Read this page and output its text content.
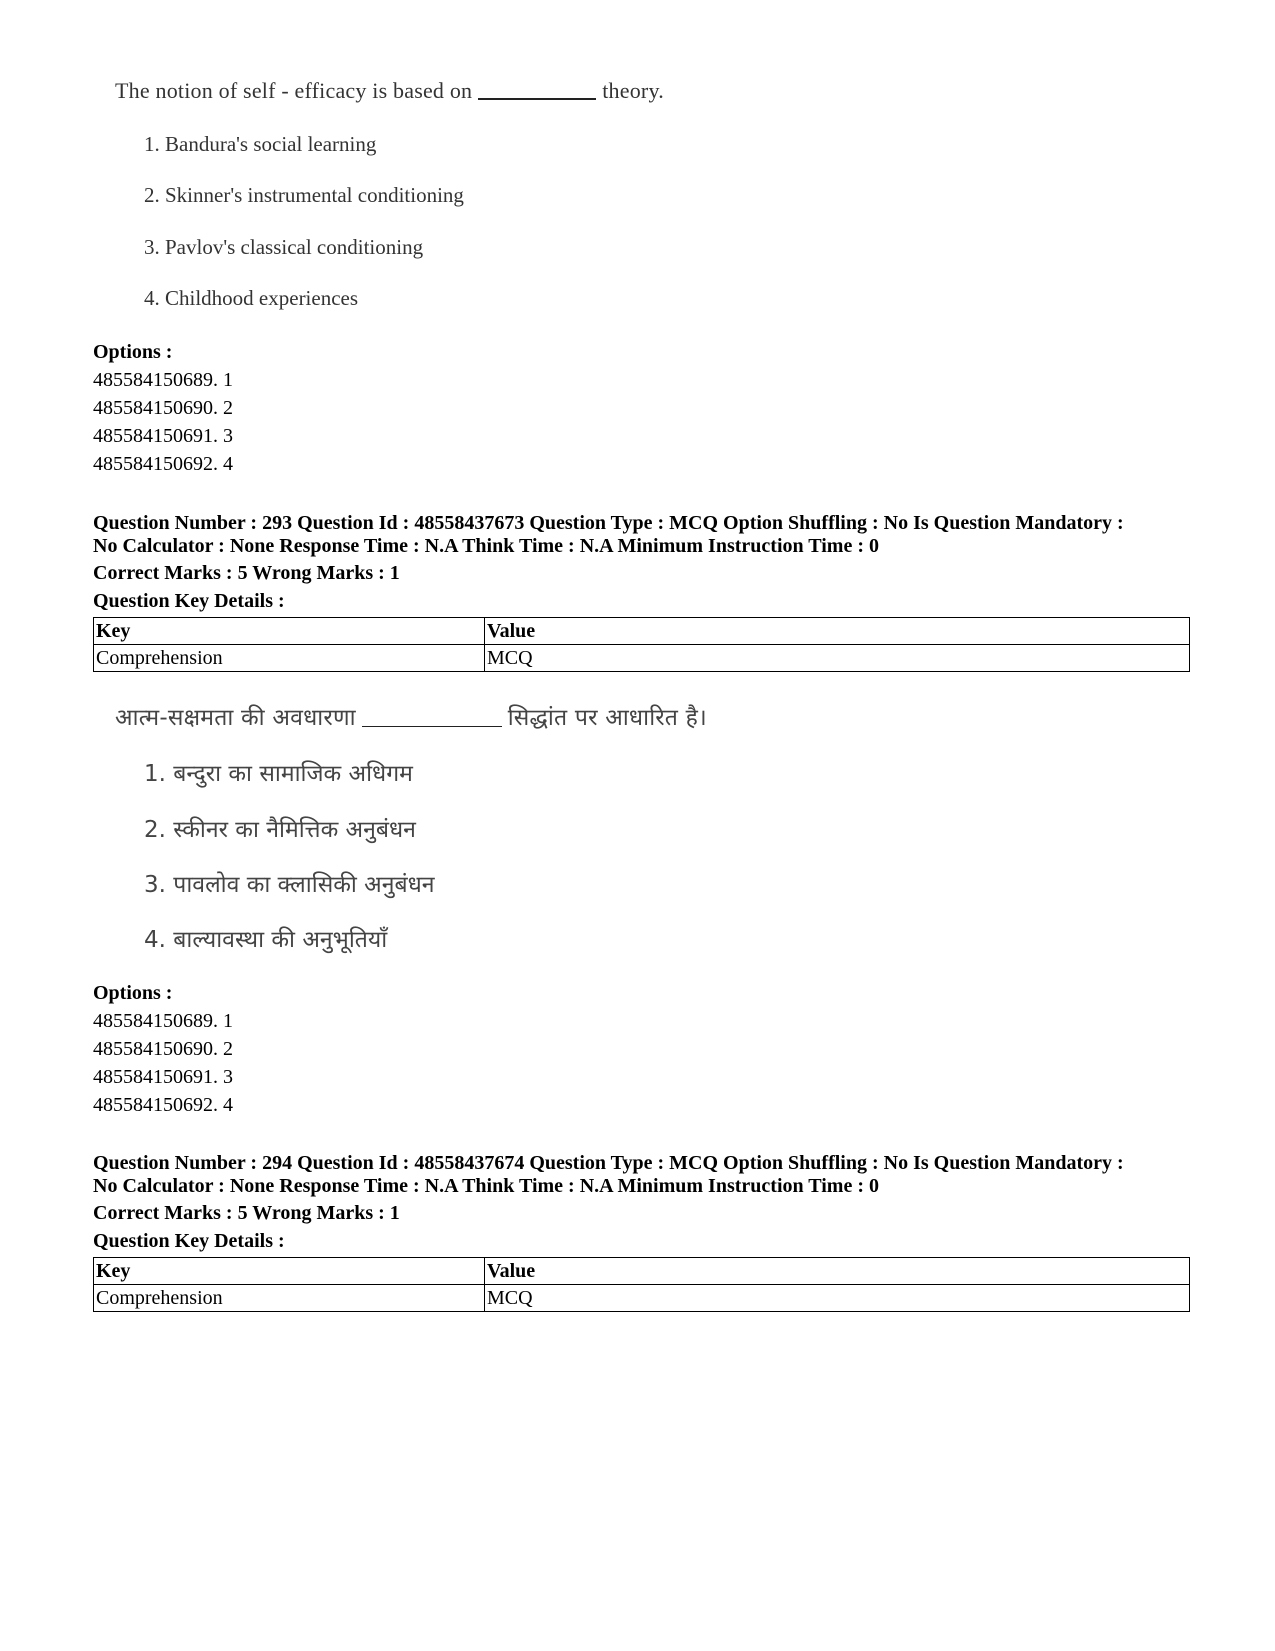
The notion of self - efficacy is based on	theory.
1. Bandura's social learning
2. Skinner's instrumental conditioning
3. Pavlov's classical conditioning
4. Childhood experiences
Options :
485584150689. 1
485584150690. 2
485584150691. 3
485584150692. 4
Question Number : 293 Question Id : 48558437673 Question Type : MCQ Option Shuffling : No Is Question Mandatory :
No Calculator : None Response Time : N.A Think Time : N.A Minimum Instruction Time : 0
Correct Marks : 5 Wrong Marks : 1
Question Key Details :
Key	Value
Comprehension	MCQ
आत्म-सक्षमता की अवधारणा	सिद्धांत पर आधारित है।
1. बन्दुरा का सामाजिक अधिगम
2. स्कीनर का नैमित्तिक अनुबंधन
3. पावलोव का क्लासिकी अनुबंधन
4. बाल्यावस्था की अनुभूतियाँ
Options :
485584150689. 1
485584150690. 2
485584150691. 3
485584150692. 4
Question Number : 294 Question Id : 48558437674 Question Type : MCQ Option Shuffling : No Is Question Mandatory :
No Calculator : None Response Time : N.A Think Time : N.A Minimum Instruction Time : 0
Correct Marks : 5 Wrong Marks : 1
Question Key Details :
Key	Value
Comprehension	MCQ
